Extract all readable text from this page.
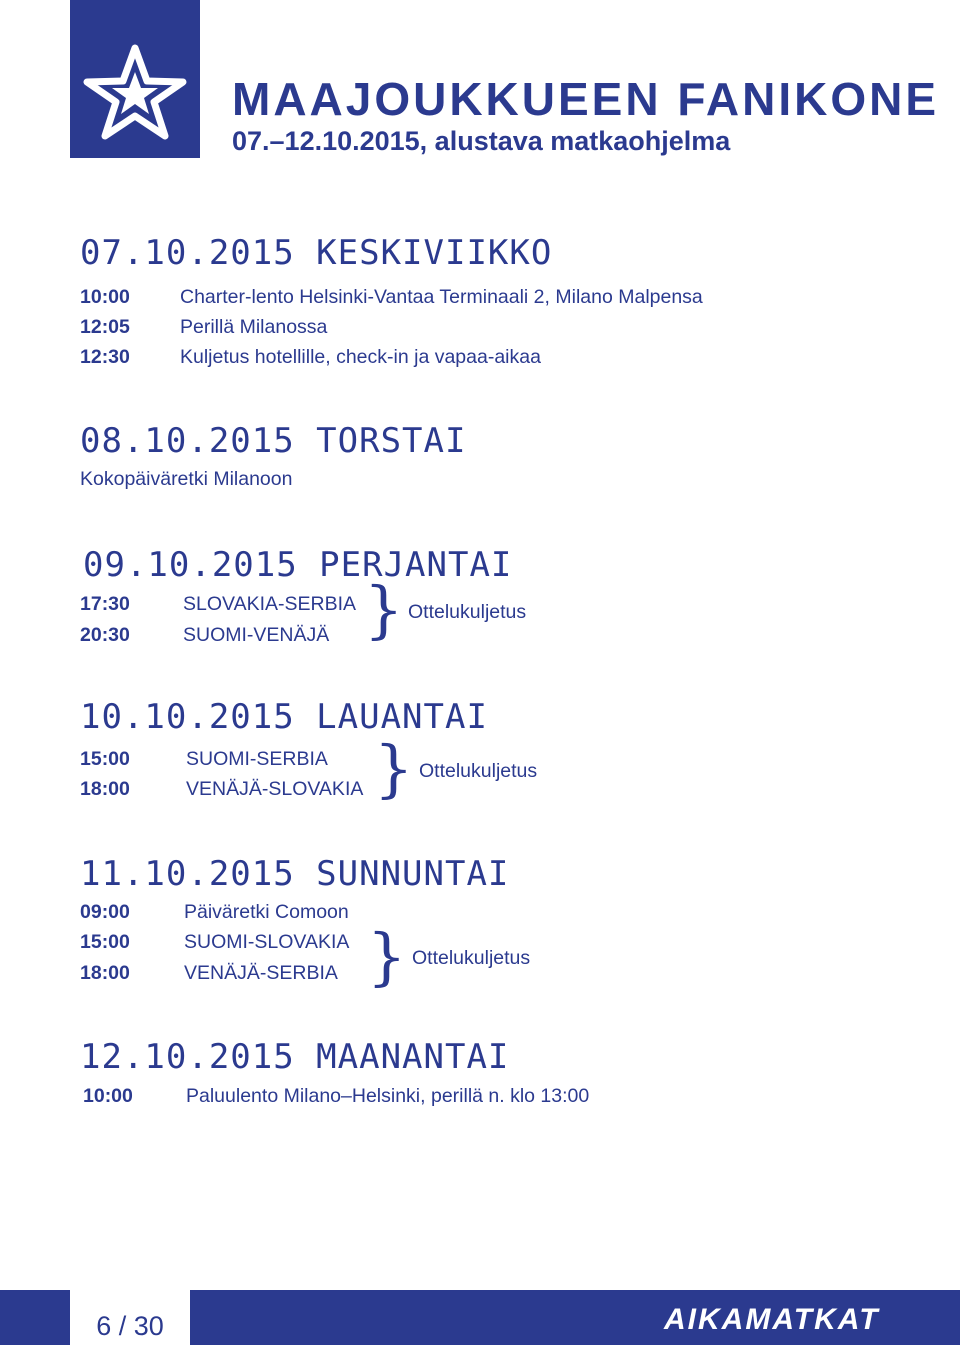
MAAJOUKKUEEN FANIKONE

07.–12.10.2015, alustava matkaohjelma

07.10.2015 KESKIVIIKKO
10:00	Charter-lento Helsinki-Vantaa Terminaali 2, Milano Malpensa
12:05	Perillä Milanossa
12:30	Kuljetus hotellille, check-in ja vapaa-aikaa
08.10.2015 TORSTAI
Kokopäiväretki Milanoon
09.10.2015 PERJANTAI
17:30	SLOVAKIA-SERBIA
20:30	SUOMI-VENÄJÄ } Ottelukuljetus
10.10.2015 LAUANTAI
15:00	SUOMI-SERBIA
18:00	VENÄJÄ-SLOVAKIA } Ottelukuljetus
11.10.2015 SUNNUNTAI
09:00	Päiväretki Comoon
15:00	SUOMI-SLOVAKIA
18:00	VENÄJÄ-SERBIA } Ottelukuljetus
12.10.2015 MAANANTAI
10:00	Paluulento Milano–Helsinki, perillä n. klo 13:00
6 / 30	AIKAMATKAT
